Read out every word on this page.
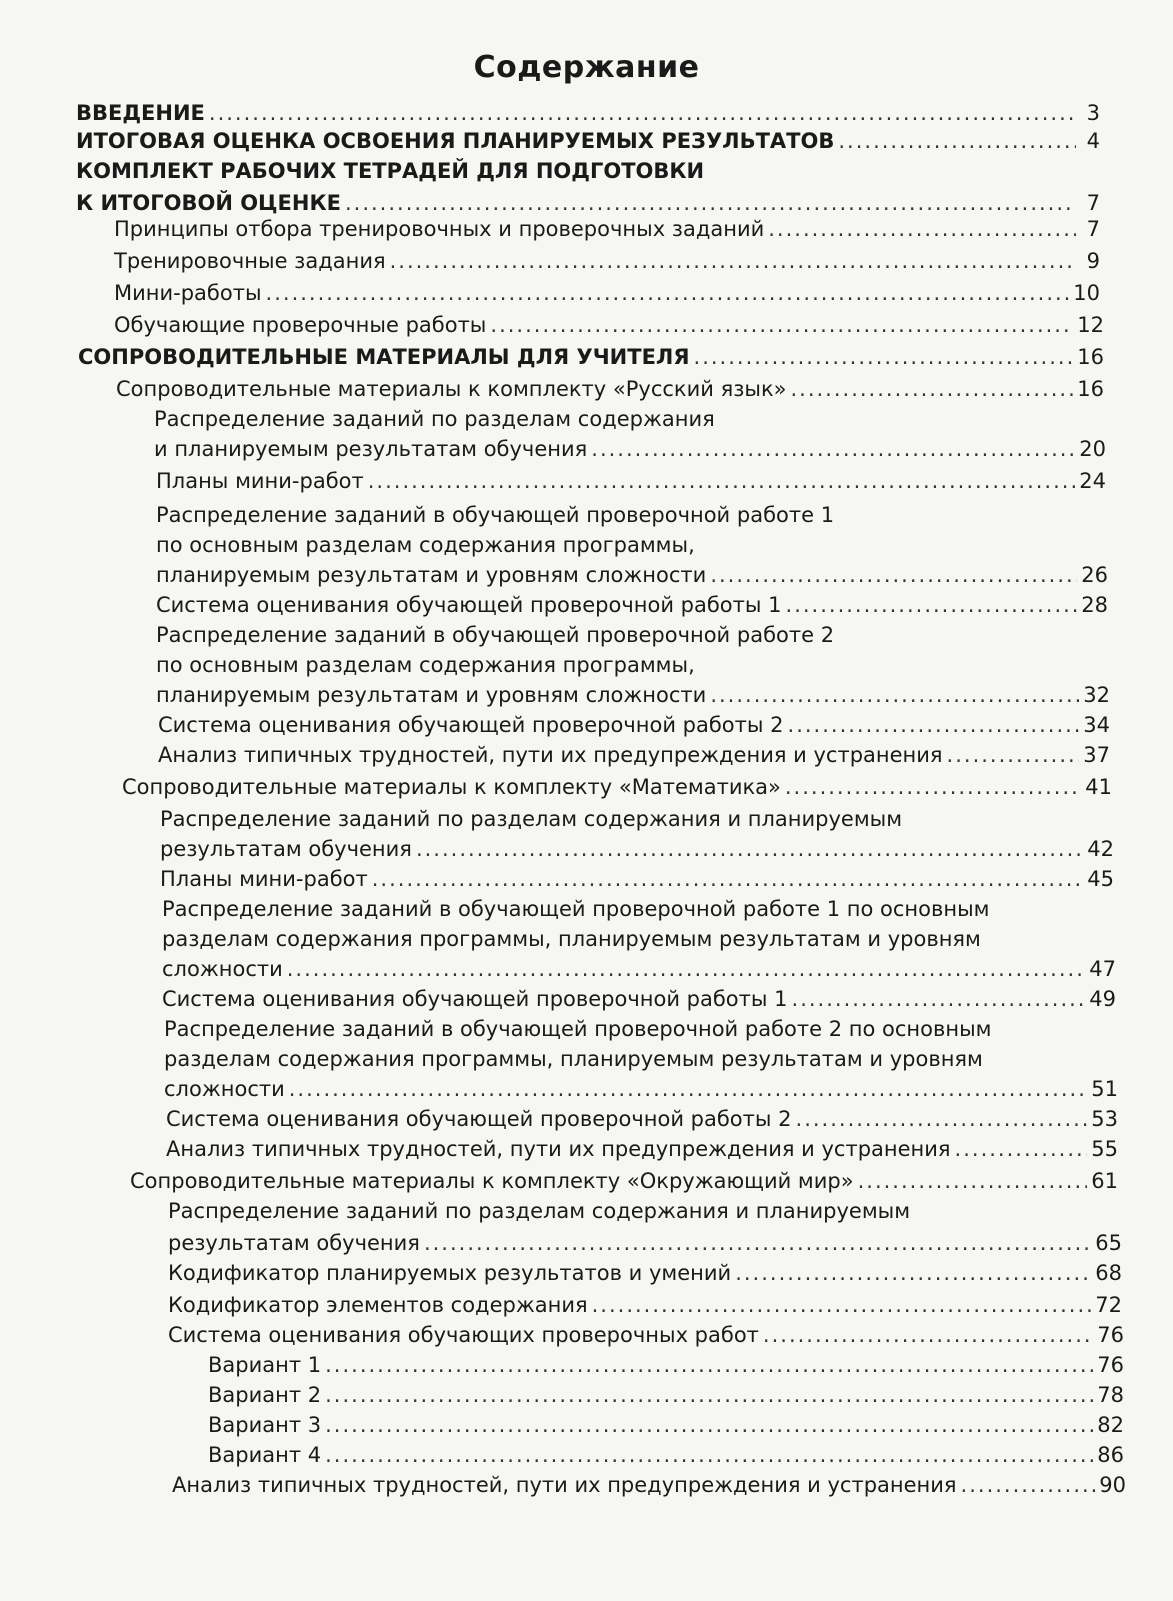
Содержание
ВВЕДЕНИЕ .....	3
ИТОГОВАЯ ОЦЕНКА ОСВОЕНИЯ ПЛАНИРУЕМЫХ РЕЗУЛЬТАТОВ .....	4
КОМПЛЕКТ РАБОЧИХ ТЕТРАДЕЙ ДЛЯ ПОДГОТОВКИ
К ИТОГОВОЙ ОЦЕНКЕ .....	7
Принципы отбора тренировочных и проверочных заданий .....	7
Тренировочные задания .....	9
Мини-работы .....	10
Обучающие проверочные работы .....	12
СОПРОВОДИТЕЛЬНЫЕ МАТЕРИАЛЫ ДЛЯ УЧИТЕЛЯ .....	16
Сопроводительные материалы к комплекту «Русский язык» .....	16
Распределение заданий по разделам содержания
и планируемым результатам обучения .....	20
Планы мини-работ .....	24
Распределение заданий в обучающей проверочной работе 1
по основным разделам содержания программы,
планируемым результатам и уровням сложности .....	26
Система оценивания обучающей проверочной работы 1 .....	28
Распределение заданий в обучающей проверочной работе 2
по основным разделам содержания программы,
планируемым результатам и уровням сложности .....	32
Система оценивания обучающей проверочной работы 2 .....	34
Анализ типичных трудностей, пути их предупреждения и устранения .....	37
Сопроводительные материалы к комплекту «Математика» .....	41
Распределение заданий по разделам содержания и планируемым
результатам обучения .....	42
Планы мини-работ .....	45
Распределение заданий в обучающей проверочной работе 1 по основным
разделам содержания программы, планируемым результатам и уровням
сложности .....	47
Система оценивания обучающей проверочной работы 1 .....	49
Распределение заданий в обучающей проверочной работе 2 по основным
разделам содержания программы, планируемым результатам и уровням
сложности .....	51
Система оценивания обучающей проверочной работы 2 .....	53
Анализ типичных трудностей, пути их предупреждения и устранения .....	55
Сопроводительные материалы к комплекту «Окружающий мир» .....	61
Распределение заданий по разделам содержания и планируемым
результатам обучения .....	65
Кодификатор планируемых результатов и умений .....	68
Кодификатор элементов содержания .....	72
Система оценивания обучающих проверочных работ .....	76
Вариант 1 .....	76
Вариант 2 .....	78
Вариант 3 .....	82
Вариант 4 .....	86
Анализ типичных трудностей, пути их предупреждения и устранения .....	90
